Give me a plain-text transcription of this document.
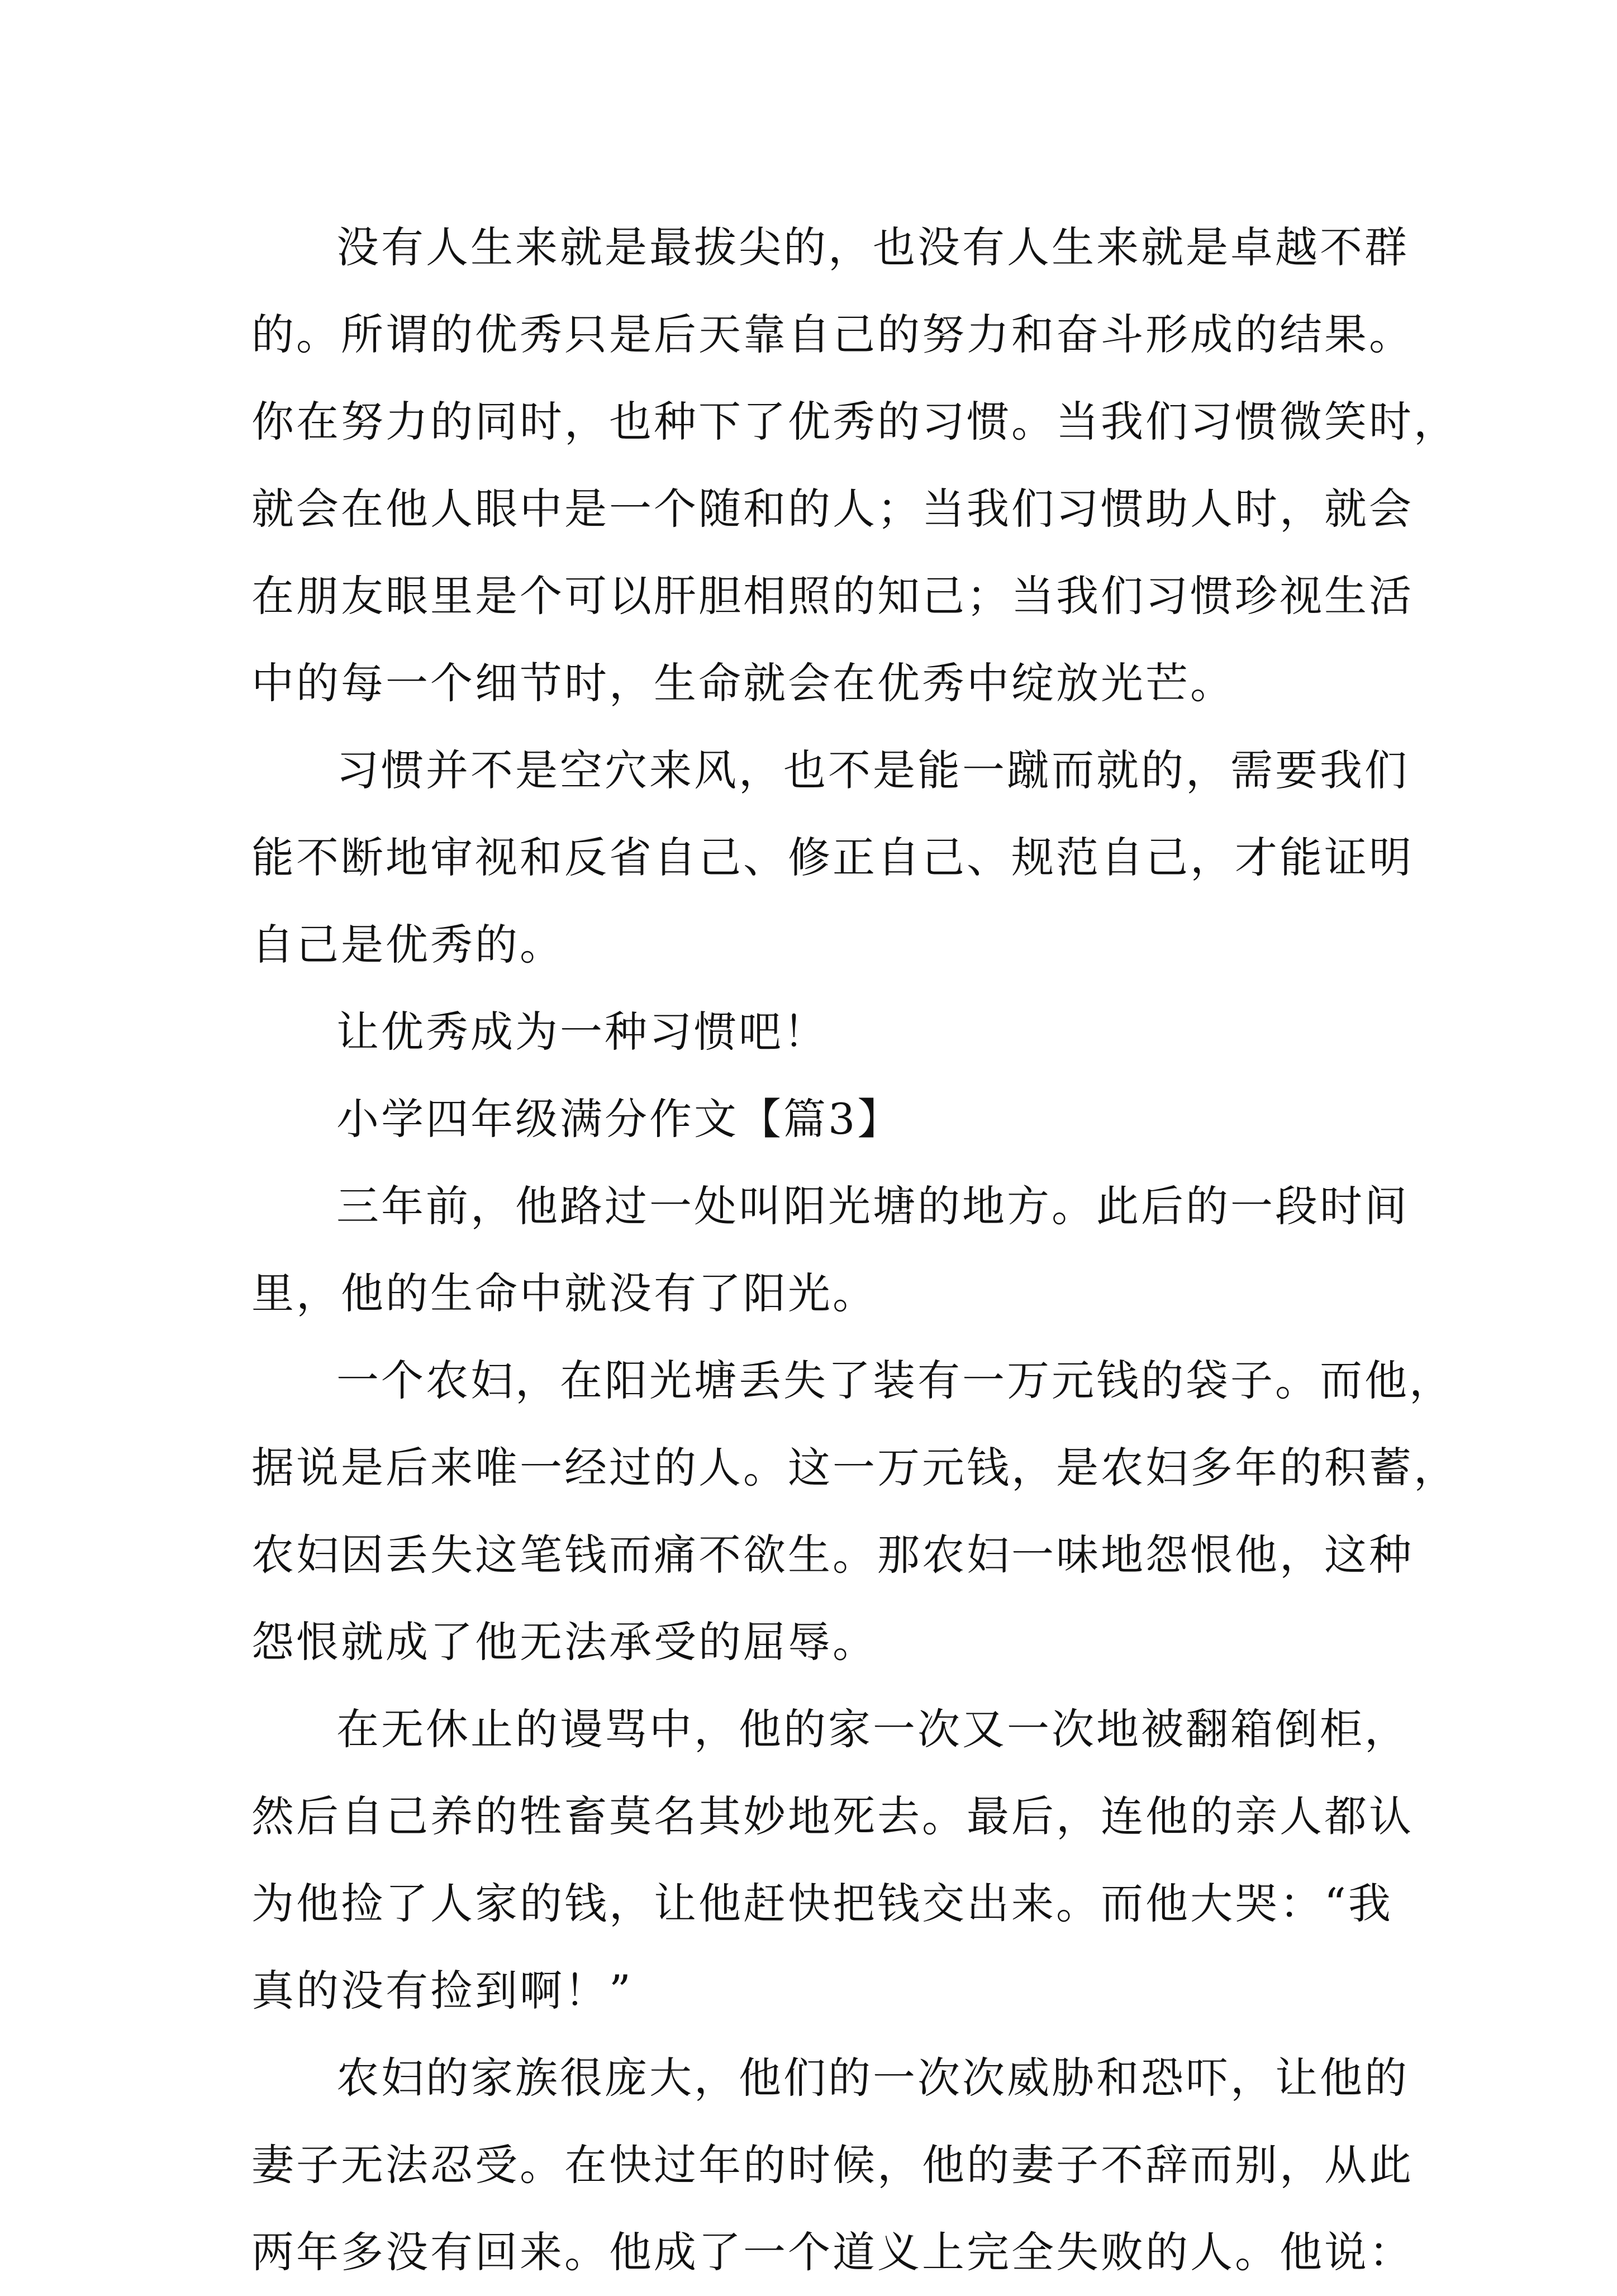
没有人生来就是最拔尖的，也没有人生来就是卓越不群
的。所谓的优秀只是后天靠自己的努力和奋斗形成的结果。
你在努力的同时，也种下了优秀的习惯。当我们习惯微笑时，
就会在他人眼中是一个随和的人；当我们习惯助人时，就会
在朋友眼里是个可以肝胆相照的知己；当我们习惯珍视生活
中的每一个细节时，生命就会在优秀中绽放光芒。
习惯并不是空穴来风，也不是能一蹴而就的，需要我们
能不断地审视和反省自己、修正自己、规范自己，才能证明
自己是优秀的。
让优秀成为一种习惯吧！
小学四年级满分作文【篇3】
三年前，他路过一处叫阳光塘的地方。此后的一段时间
里，他的生命中就没有了阳光。
一个农妇，在阳光塘丢失了装有一万元钱的袋子。而他，
据说是后来唯一经过的人。这一万元钱，是农妇多年的积蓄，
农妇因丢失这笔钱而痛不欲生。那农妇一味地怨恨他，这种
怨恨就成了他无法承受的屈辱。
在无休止的谩骂中，他的家一次又一次地被翻箱倒柜，
然后自己养的牲畜莫名其妙地死去。最后，连他的亲人都认
为他捡了人家的钱，让他赶快把钱交出来。而他大哭：“我
真的没有捡到啊！”
农妇的家族很庞大，他们的一次次威胁和恐吓，让他的
妻子无法忍受。在快过年的时候，他的妻子不辞而别，从此
两年多没有回来。他成了一个道义上完全失败的人。他说：
